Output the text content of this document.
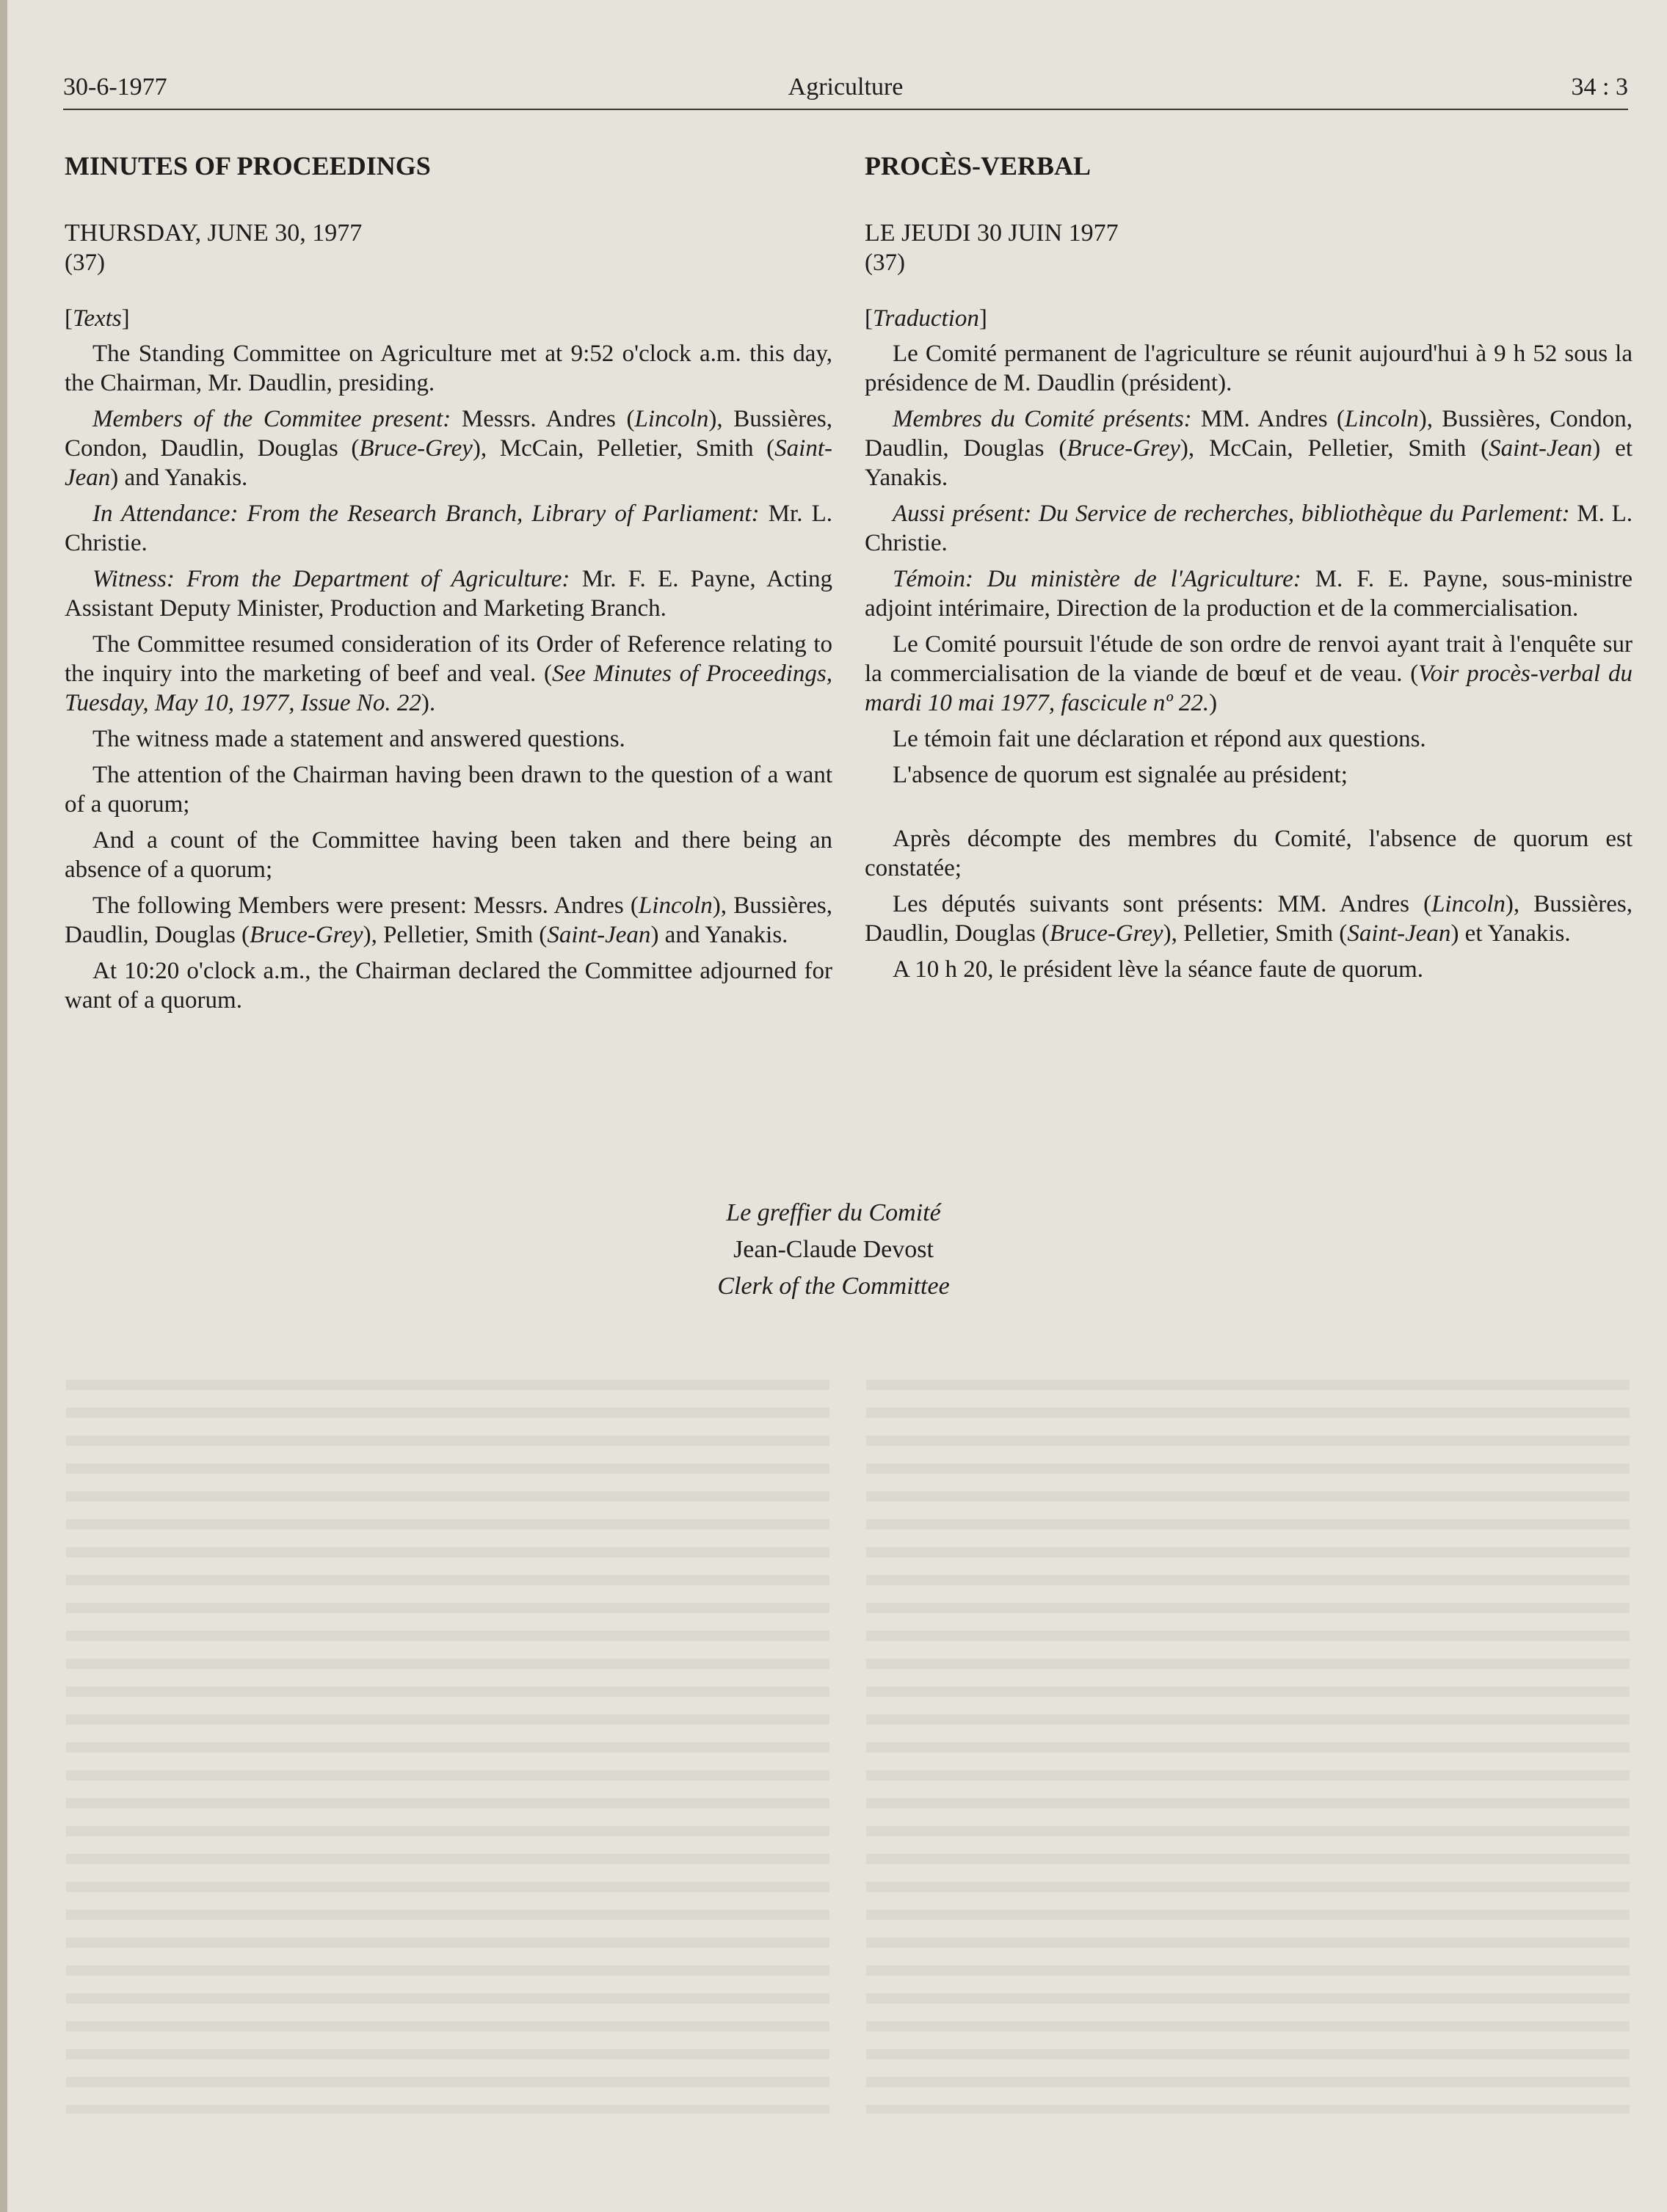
30-6-1977	Agriculture	34 : 3
MINUTES OF PROCEEDINGS
THURSDAY, JUNE 30, 1977
(37)
[Texts]

The Standing Committee on Agriculture met at 9:52 o'clock a.m. this day, the Chairman, Mr. Daudlin, presiding.

Members of the Commitee present: Messrs. Andres (Lincoln), Bussières, Condon, Daudlin, Douglas (Bruce-Grey), McCain, Pelletier, Smith (Saint-Jean) and Yanakis.

In Attendance: From the Research Branch, Library of Parliament: Mr. L. Christie.

Witness: From the Department of Agriculture: Mr. F. E. Payne, Acting Assistant Deputy Minister, Production and Marketing Branch.

The Committee resumed consideration of its Order of Reference relating to the inquiry into the marketing of beef and veal. (See Minutes of Proceedings, Tuesday, May 10, 1977, Issue No. 22).

The witness made a statement and answered questions.

The attention of the Chairman having been drawn to the question of a want of a quorum;

And a count of the Committee having been taken and there being an absence of a quorum;

The following Members were present: Messrs. Andres (Lincoln), Bussières, Daudlin, Douglas (Bruce-Grey), Pelletier, Smith (Saint-Jean) and Yanakis.

At 10:20 o'clock a.m., the Chairman declared the Committee adjourned for want of a quorum.

PROCÈS-VERBAL
LE JEUDI 30 JUIN 1977
(37)
[Traduction]

Le Comité permanent de l'agriculture se réunit aujourd'hui à 9 h 52 sous la présidence de M. Daudlin (président).

Membres du Comité présents: MM. Andres (Lincoln), Bussières, Condon, Daudlin, Douglas (Bruce-Grey), McCain, Pelletier, Smith (Saint-Jean) et Yanakis.

Aussi présent: Du Service de recherches, bibliothèque du Parlement: M. L. Christie.

Témoin: Du ministère de l'Agriculture: M. F. E. Payne, sous-ministre adjoint intérimaire, Direction de la production et de la commercialisation.

Le Comité poursuit l'étude de son ordre de renvoi ayant trait à l'enquête sur la commercialisation de la viande de bœuf et de veau. (Voir procès-verbal du mardi 10 mai 1977, fascicule nº 22.)

Le témoin fait une déclaration et répond aux questions.

L'absence de quorum est signalée au président;

Après décompte des membres du Comité, l'absence de quorum est constatée;

Les députés suivants sont présents: MM. Andres (Lincoln), Bussières, Daudlin, Douglas (Bruce-Grey), Pelletier, Smith (Saint-Jean) et Yanakis.

A 10 h 20, le président lève la séance faute de quorum.

Le greffier du Comité
Jean-Claude Devost
Clerk of the Committee
